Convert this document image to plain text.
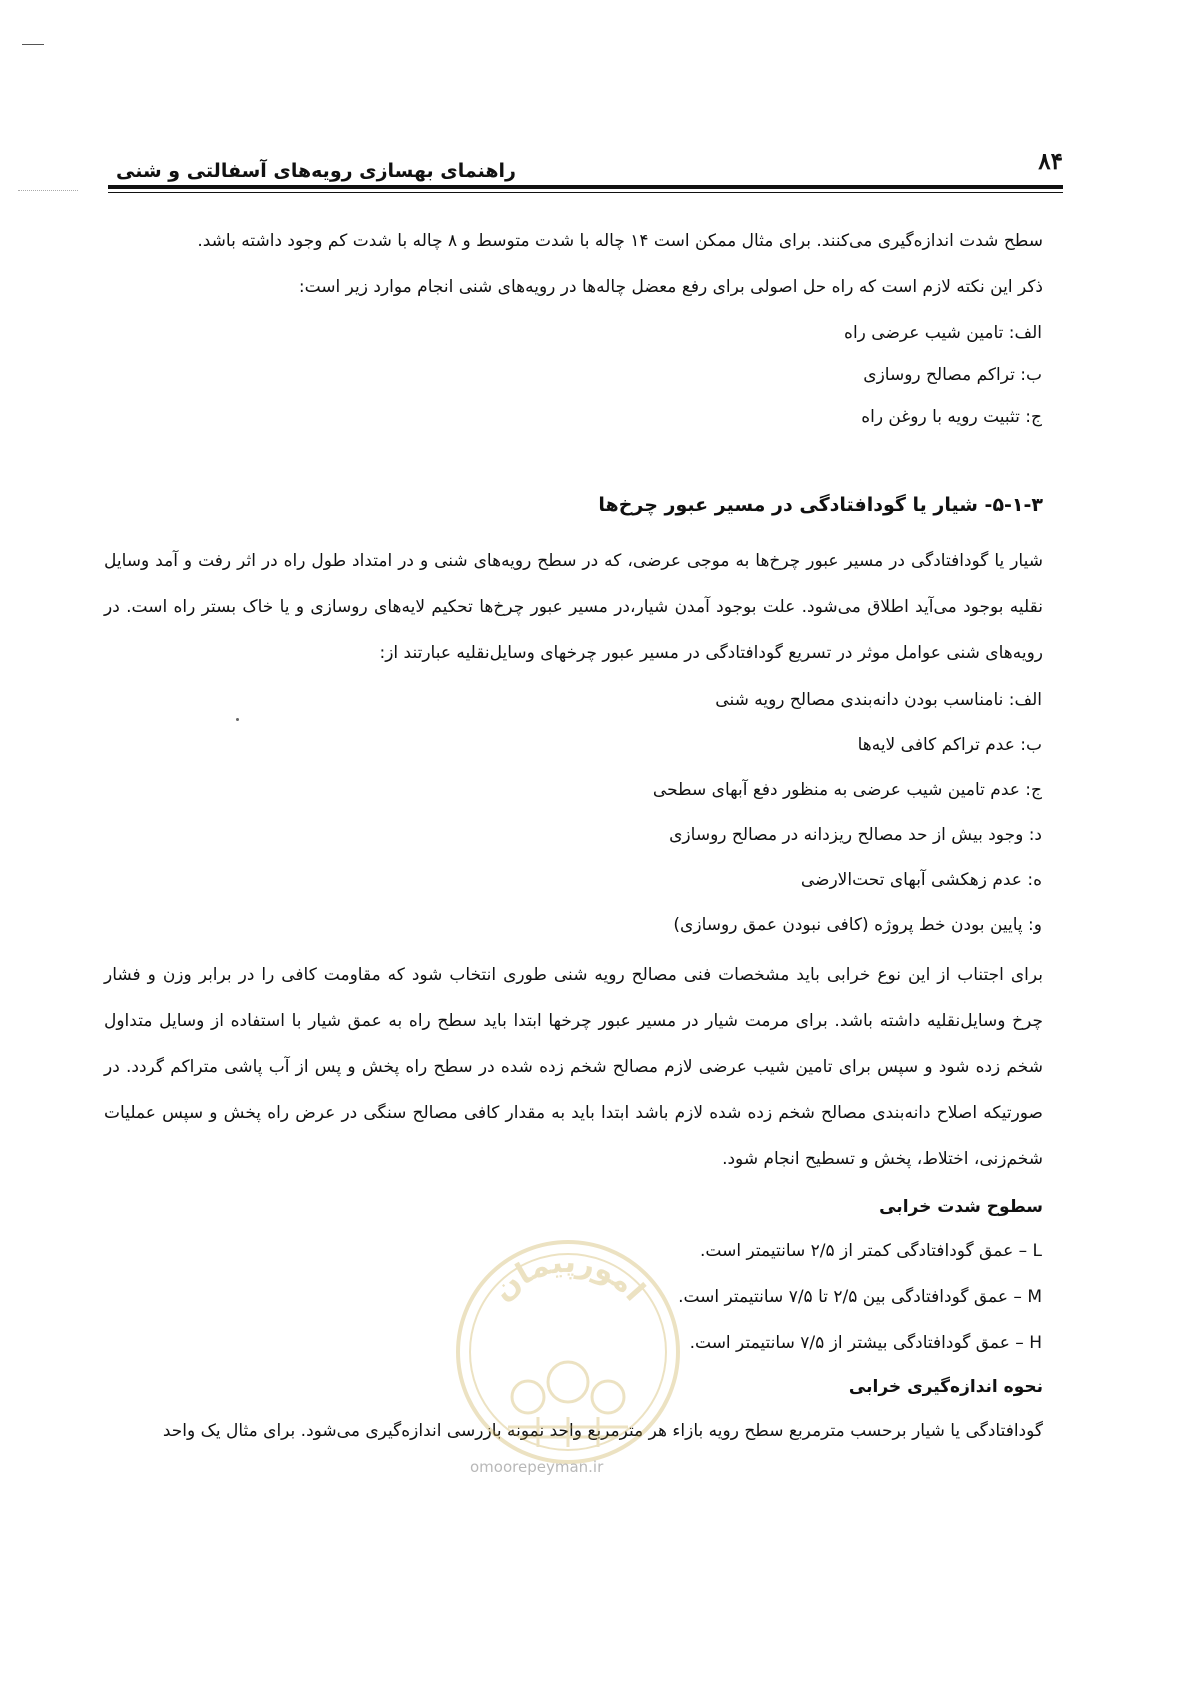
۸۴
راهنمای بهسازی رویه‌های آسفالتی و شنی

سطح شدت اندازه‌گیری می‌کنند. برای مثال ممکن است ۱۴ چاله با شدت متوسط و ۸ چاله با شدت کم وجود داشته باشد.

ذکر این نکته لازم است که راه حل اصولی برای رفع معضل چاله‌ها در رویه‌های شنی انجام موارد زیر است:

الف: تامین شیب عرضی راه
ب: تراکم مصالح روسازی
ج: تثبیت رویه با روغن راه
۵-۱-۳- شیار یا گودافتادگی در مسیر عبور چرخ‌ها

شیار یا گودافتادگی در مسیر عبور چرخ‌ها به موجی عرضی، که در سطح رویه‌های شنی و در امتداد طول راه در اثر رفت و آمد وسایل نقلیه بوجود می‌آید اطلاق می‌شود. علت بوجود آمدن شیار،در مسیر عبور چرخ‌ها تحکیم لایه‌های روسازی و یا خاک بستر راه است. در رویه‌های شنی عوامل موثر در تسریع گودافتادگی در مسیر عبور چرخهای وسایل‌نقلیه عبارتند از:

الف: نامناسب بودن دانه‌بندی مصالح رویه شنی
ب: عدم تراکم کافی لایه‌ها
ج: عدم تامین شیب عرضی به منظور دفع آبهای سطحی
د: وجود بیش از حد مصالح ریزدانه در مصالح روسازی
ه: عدم زهکشی آبهای تحت‌الارضی
و: پایین بودن خط پروژه (کافی نبودن عمق روسازی)

برای اجتناب از این نوع خرابی باید مشخصات فنی مصالح رویه شنی طوری انتخاب شود که مقاومت کافی را در برابر وزن و فشار چرخ وسایل‌نقلیه داشته باشد. برای مرمت شیار در مسیر عبور چرخها ابتدا باید سطح راه به عمق شیار با استفاده از وسایل متداول شخم زده شود و سپس برای تامین شیب عرضی لازم مصالح شخم زده شده در سطح راه پخش و پس از آب پاشی متراکم گردد. در صورتیکه اصلاح دانه‌بندی مصالح شخم زده شده لازم باشد ابتدا باید به مقدار کافی مصالح سنگی در عرض راه پخش و سپس عملیات شخم‌زنی، اختلاط، پخش و تسطیح انجام شود.

سطوح شدت خرابی
L – عمق گودافتادگی کمتر از ۲/۵ سانتیمتر است.
M – عمق گودافتادگی بین ۲/۵ تا ۷/۵ سانتیمتر است.
H – عمق گودافتادگی بیشتر از ۷/۵ سانتیمتر است.
نحوه اندازه‌گیری خرابی

گودافتادگی یا شیار برحسب مترمربع سطح رویه بازاء هر مترمربع واحد نمونه بازرسی اندازه‌گیری می‌شود. برای مثال یک واحد

امورپیمان
omoorepeyman.ir
